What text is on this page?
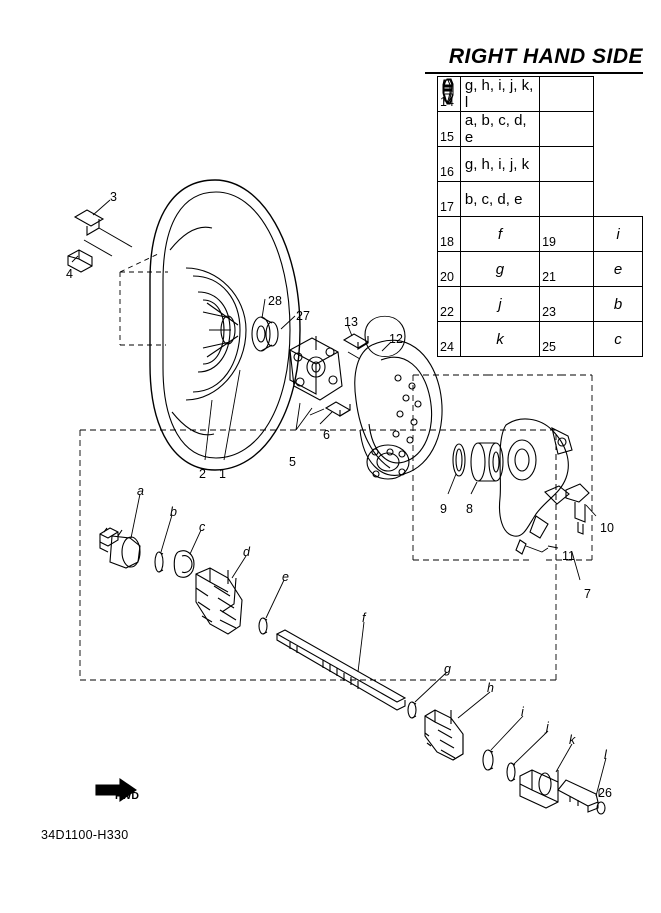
RIGHT HAND SIDE
14	g, h, i, j, k, l	

15	a, b, c, d, e	

16	g, h, i, j, k	

17	b, c, d, e	

18	f	19	i
20	g	21	e
22	j	23	b
24	k	25	c
3
4
28
27	13
12
6
5
2 1
9 8
10
11
7
26
a
b
c
d
e
f
g
h
i
j
k
l
FWD
34D1100-H330
